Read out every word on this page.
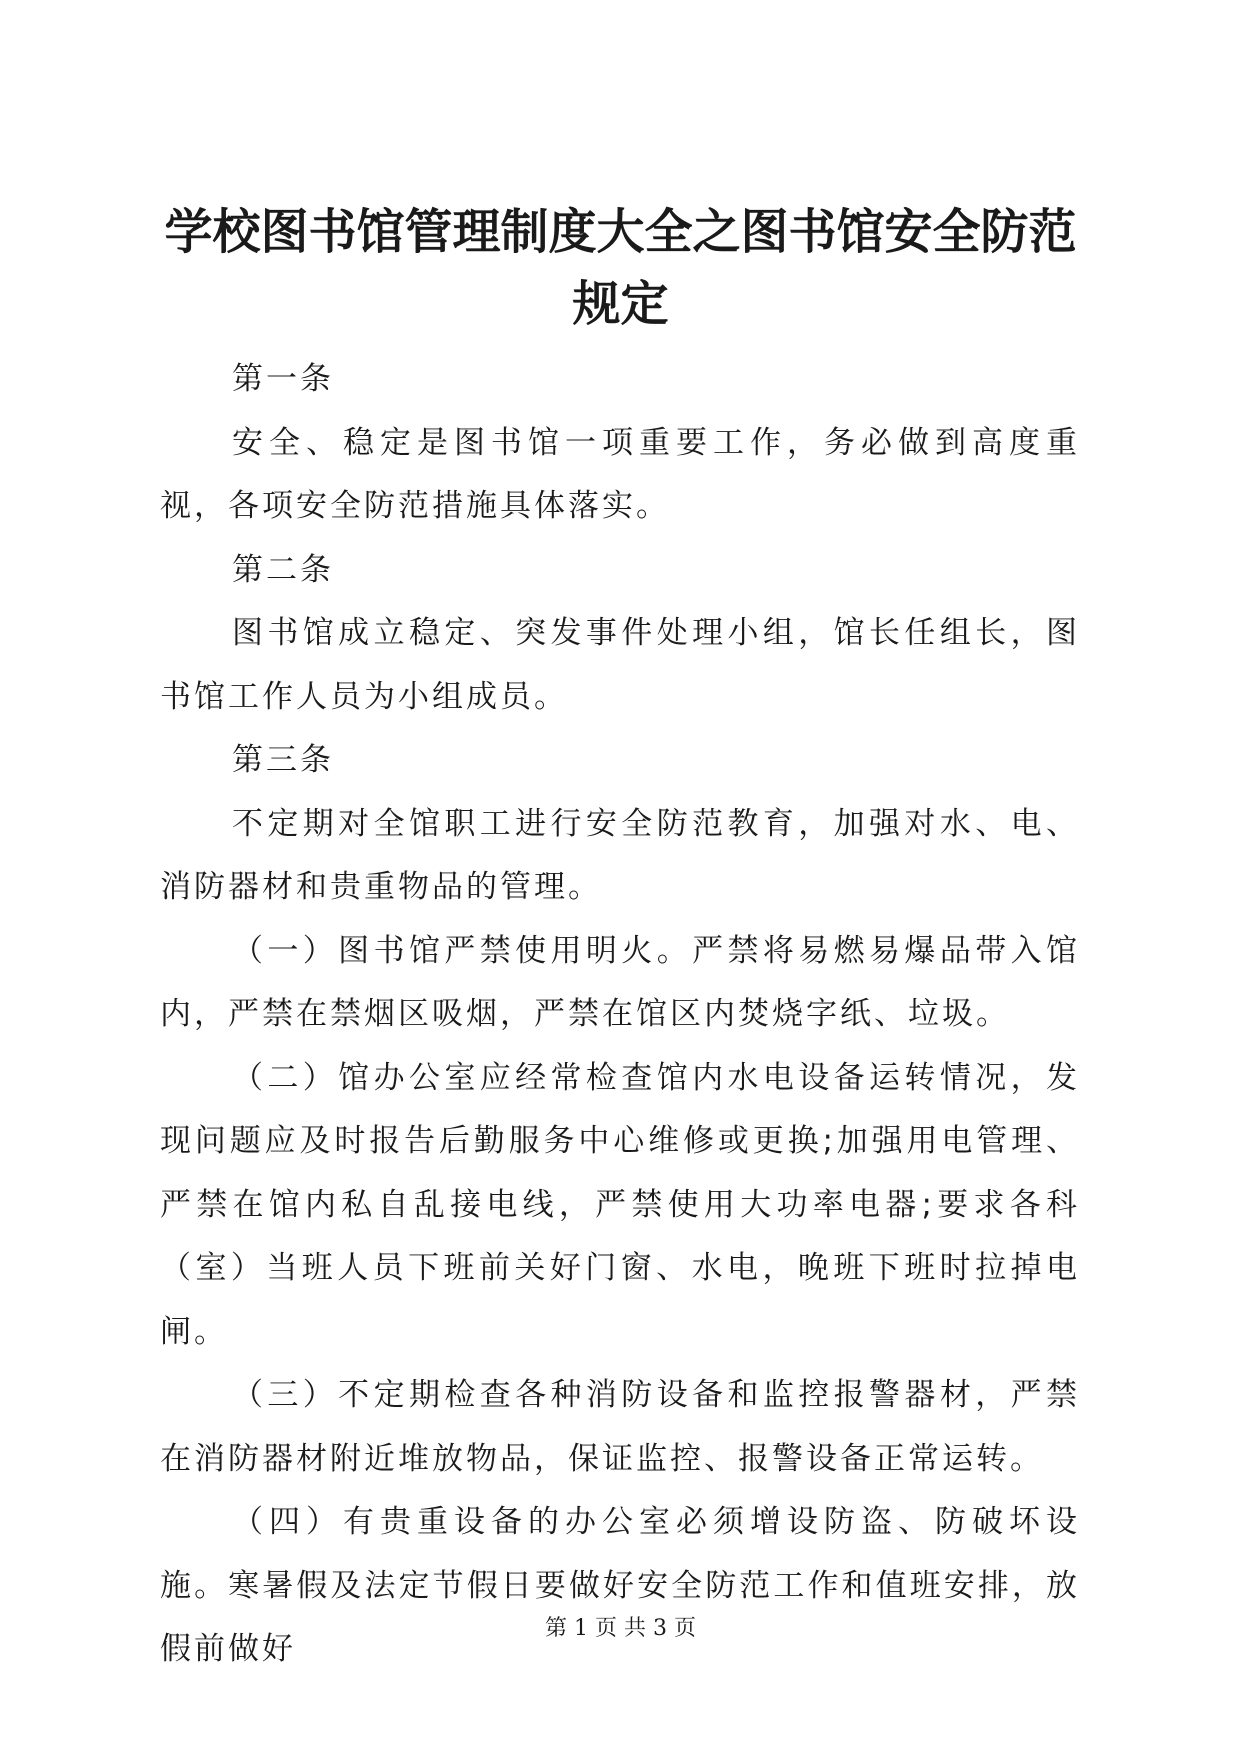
学校图书馆管理制度大全之图书馆安全防范规定

第一条

安全、稳定是图书馆一项重要工作，务必做到高度重视，各项安全防范措施具体落实。

第二条

图书馆成立稳定、突发事件处理小组，馆长任组长，图书馆工作人员为小组成员。

第三条

不定期对全馆职工进行安全防范教育，加强对水、电、消防器材和贵重物品的管理。

（一）图书馆严禁使用明火。严禁将易燃易爆品带入馆内，严禁在禁烟区吸烟，严禁在馆区内焚烧字纸、垃圾。

（二）馆办公室应经常检查馆内水电设备运转情况，发现问题应及时报告后勤服务中心维修或更换;加强用电管理、严禁在馆内私自乱接电线，严禁使用大功率电器;要求各科（室）当班人员下班前关好门窗、水电，晚班下班时拉掉电闸。

（三）不定期检查各种消防设备和监控报警器材，严禁在消防器材附近堆放物品，保证监控、报警设备正常运转。

（四）有贵重设备的办公室必须增设防盗、防破坏设施。寒暑假及法定节假日要做好安全防范工作和值班安排，放假前做好

第 1 页 共 3 页
